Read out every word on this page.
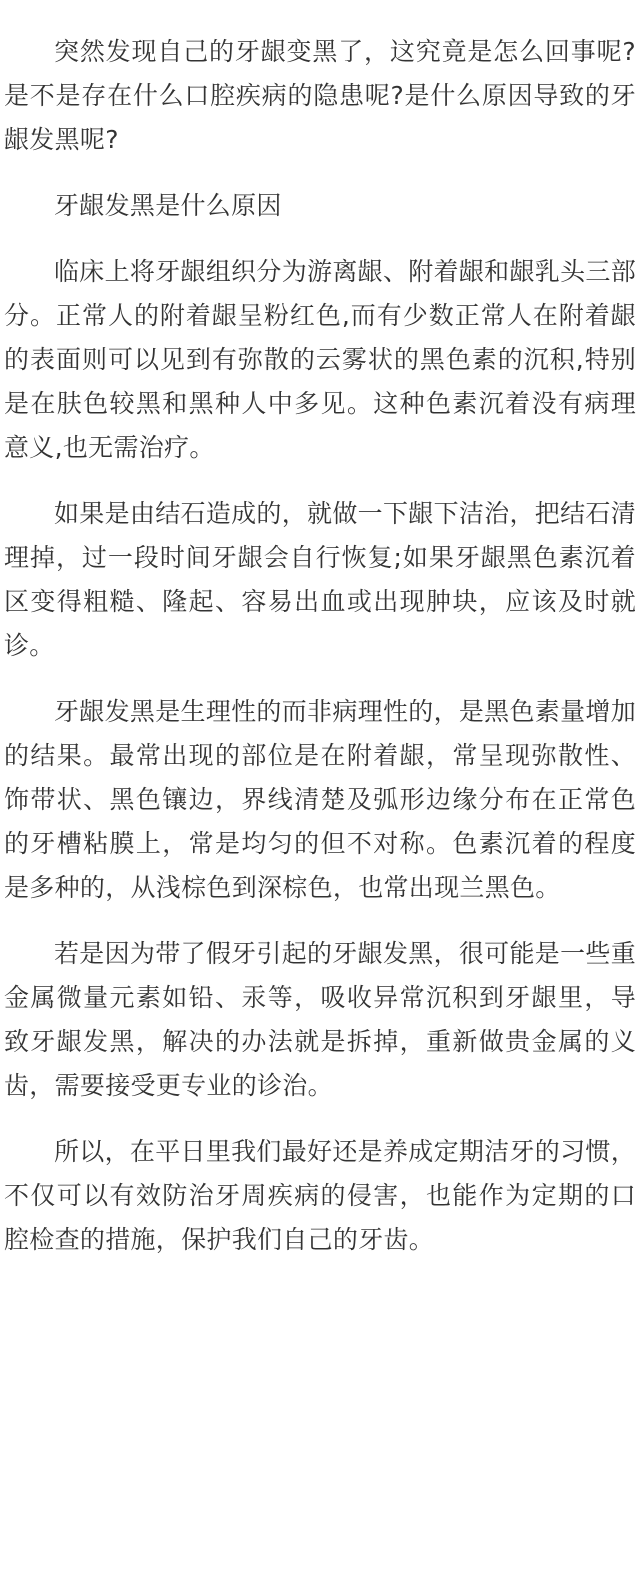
突然发现自己的牙龈变黑了，这究竟是怎么回事呢?是不是存在什么口腔疾病的隐患呢?是什么原因导致的牙龈发黑呢?

牙龈发黑是什么原因

临床上将牙龈组织分为游离龈、附着龈和龈乳头三部分。正常人的附着龈呈粉红色,而有少数正常人在附着龈的表面则可以见到有弥散的云雾状的黑色素的沉积,特别是在肤色较黑和黑种人中多见。这种色素沉着没有病理意义,也无需治疗。

如果是由结石造成的，就做一下龈下洁治，把结石清理掉，过一段时间牙龈会自行恢复;如果牙龈黑色素沉着区变得粗糙、隆起、容易出血或出现肿块，应该及时就诊。

牙龈发黑是生理性的而非病理性的，是黑色素量增加的结果。最常出现的部位是在附着龈，常呈现弥散性、饰带状、黑色镶边，界线清楚及弧形边缘分布在正常色的牙槽粘膜上，常是均匀的但不对称。色素沉着的程度是多种的，从浅棕色到深棕色，也常出现兰黑色。

若是因为带了假牙引起的牙龈发黑，很可能是一些重金属微量元素如铅、汞等，吸收异常沉积到牙龈里，导致牙龈发黑，解决的办法就是拆掉，重新做贵金属的义齿，需要接受更专业的诊治。

所以，在平日里我们最好还是养成定期洁牙的习惯，不仅可以有效防治牙周疾病的侵害，也能作为定期的口腔检查的措施，保护我们自己的牙齿。
